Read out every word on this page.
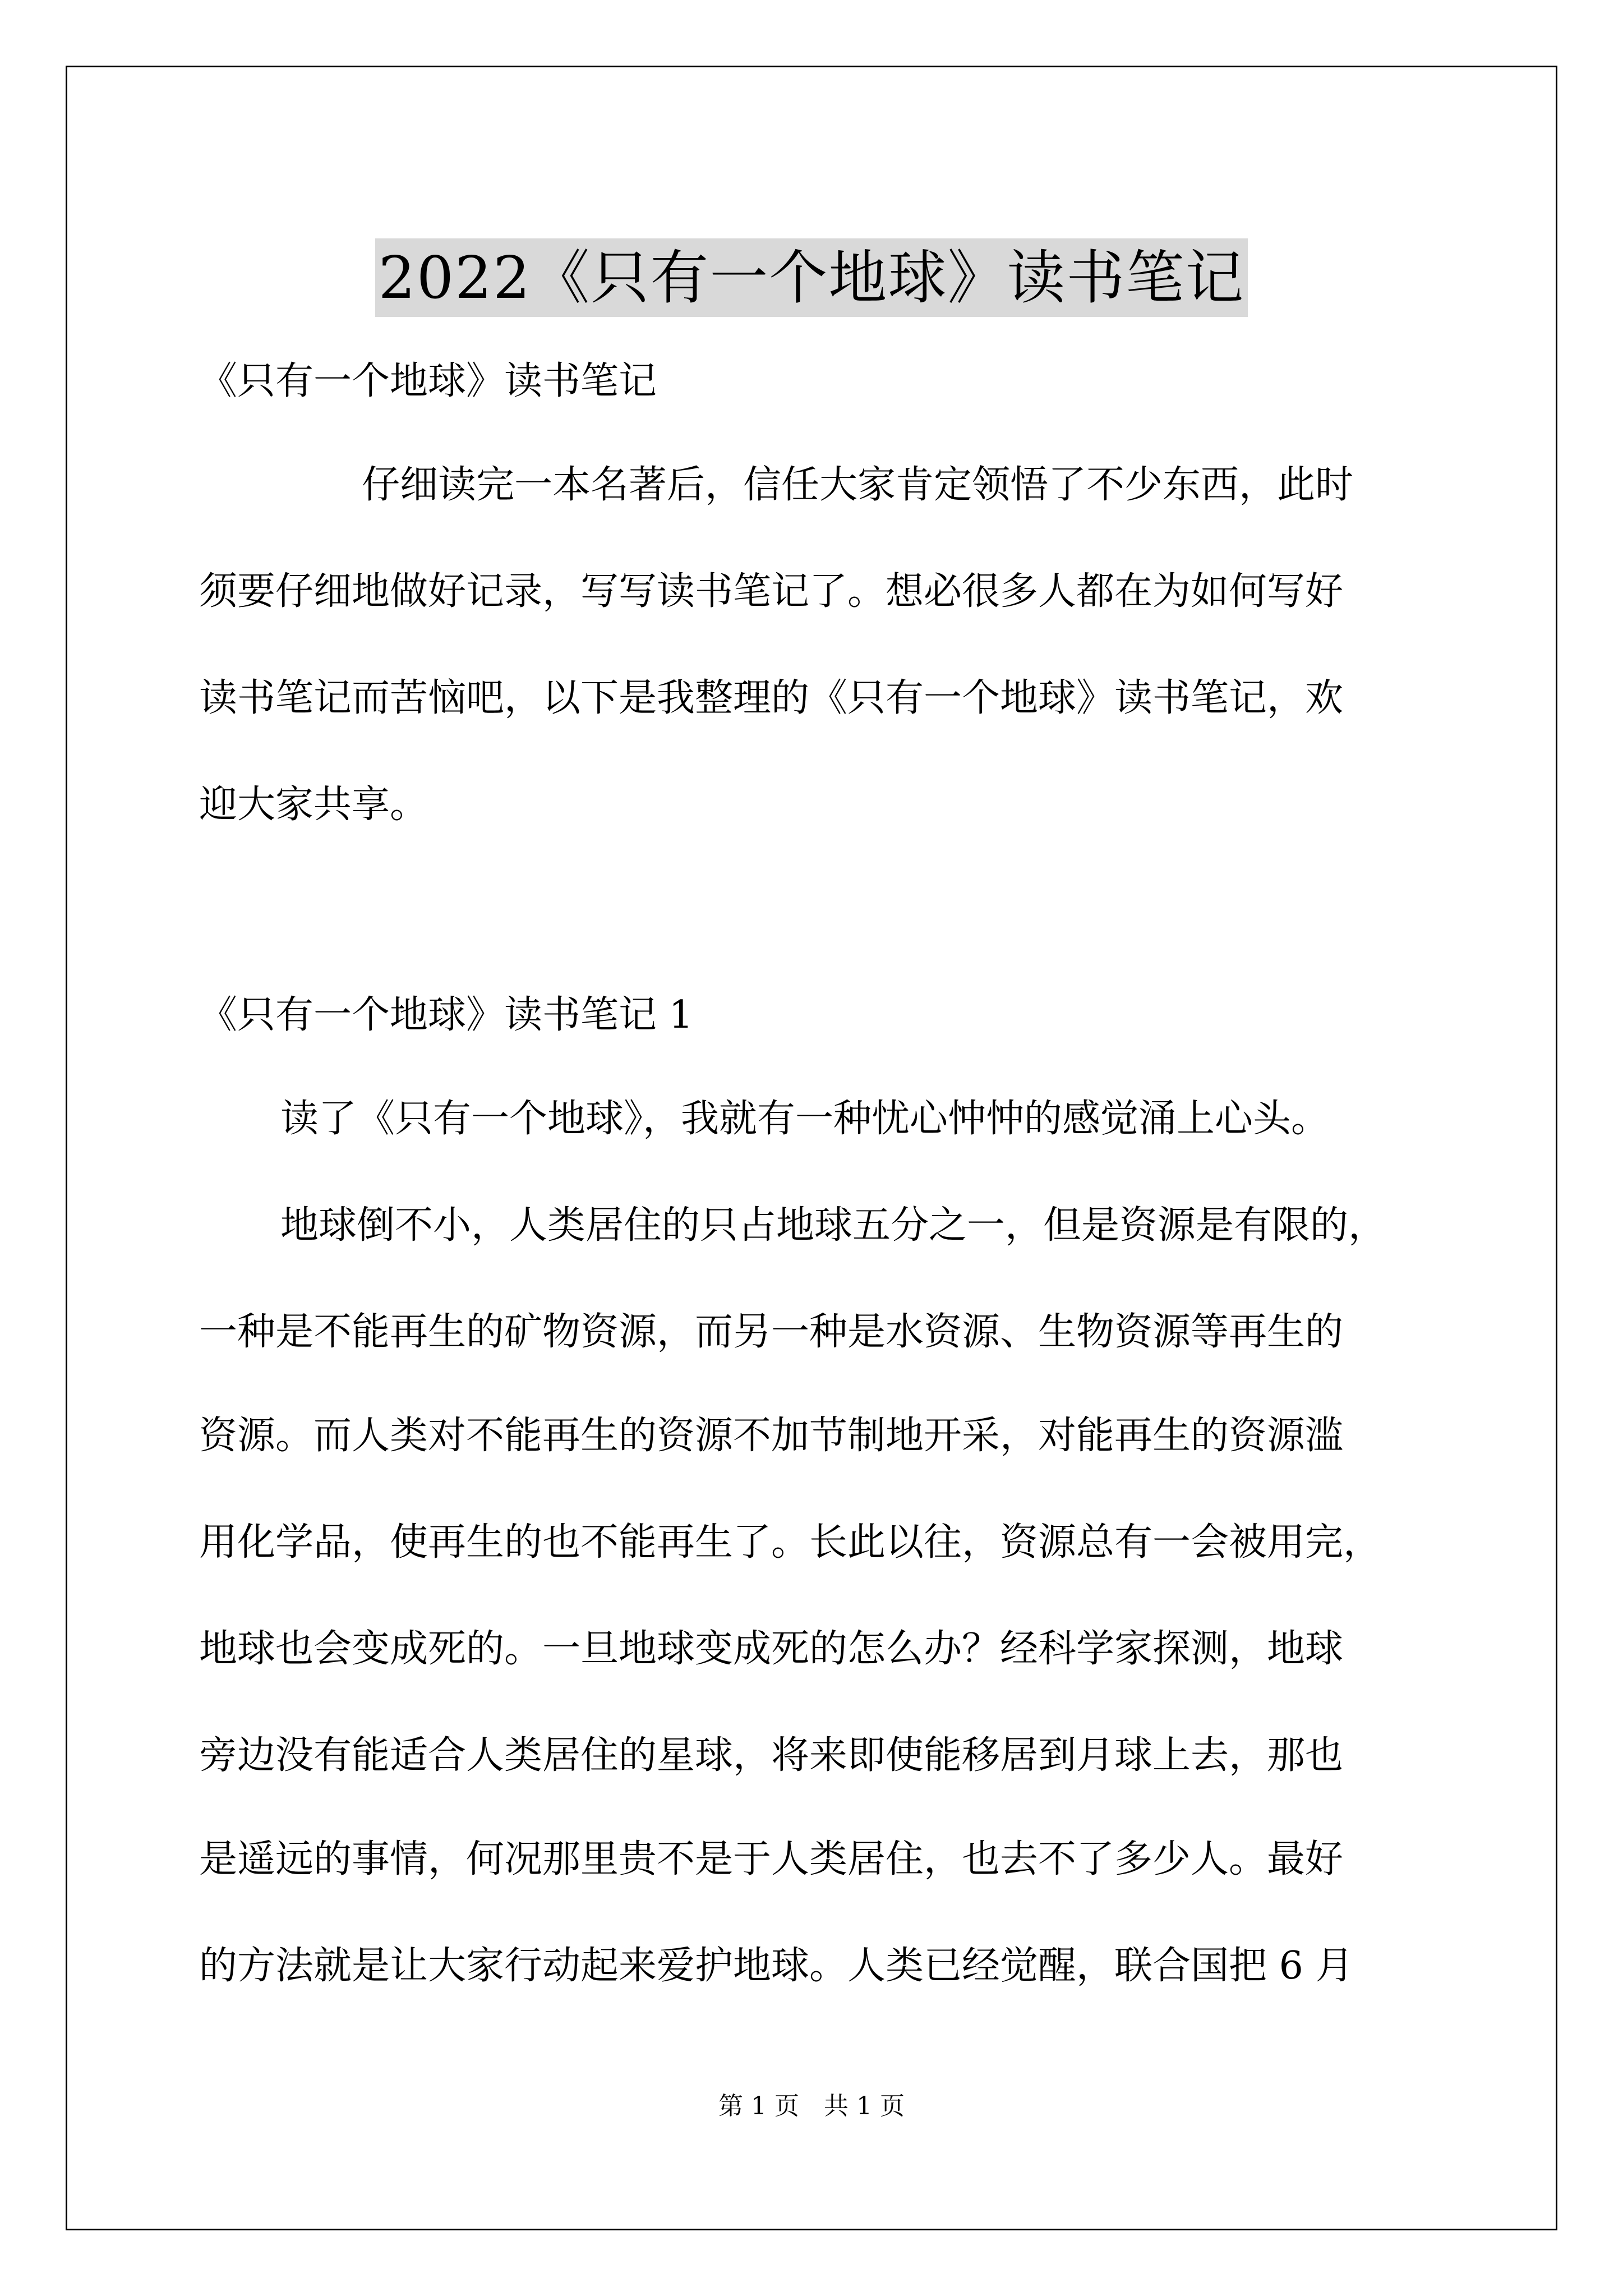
2022《只有一个地球》读书笔记
《只有一个地球》读书笔记
仔细读完一本名著后，信任大家肯定领悟了不少东西，此时
须要仔细地做好记录，写写读书笔记了。想必很多人都在为如何写好
读书笔记而苦恼吧，以下是我整理的《只有一个地球》读书笔记，欢
迎大家共享。
《只有一个地球》读书笔记 1
读了《只有一个地球》，我就有一种忧心忡忡的感觉涌上心头。
地球倒不小，人类居住的只占地球五分之一，但是资源是有限的，
一种是不能再生的矿物资源，而另一种是水资源、生物资源等再生的
资源。而人类对不能再生的资源不加节制地开采，对能再生的资源滥
用化学品，使再生的也不能再生了。长此以往，资源总有一会被用完，
地球也会变成死的。一旦地球变成死的怎么办？经科学家探测，地球
旁边没有能适合人类居住的星球，将来即使能移居到月球上去，那也
是遥远的事情，何况那里贵不是于人类居住，也去不了多少人。最好
的方法就是让大家行动起来爱护地球。人类已经觉醒，联合国把 6 月
第 1 页　共 1 页
